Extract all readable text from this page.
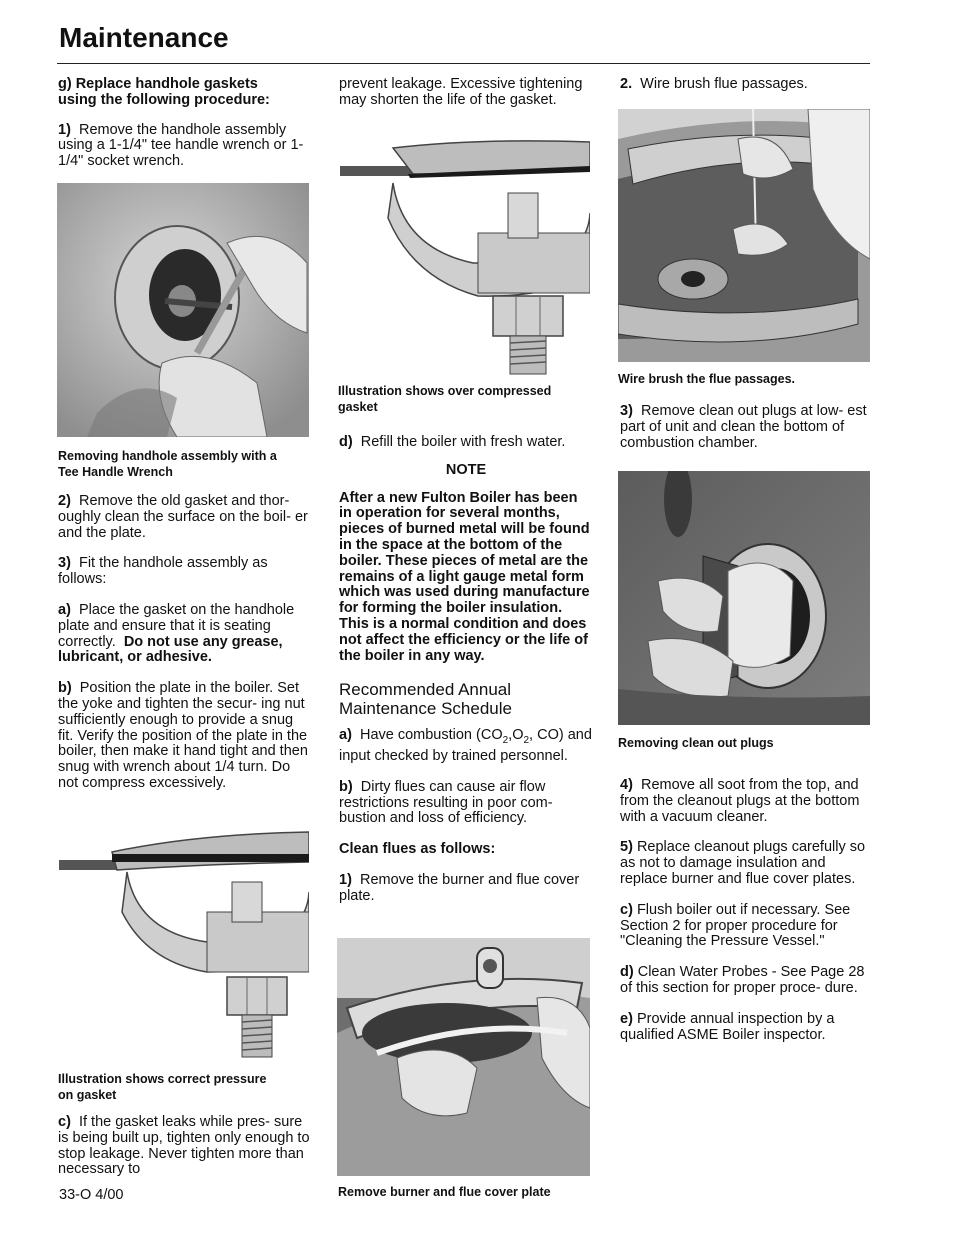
Maintenance

g) Replace handhole gaskets
using the following procedure:

1) Remove the handhole assembly using a 1-1/4" tee handle wrench or 1-1/4" socket wrench.

Removing handhole assembly with a
Tee Handle Wrench

2) Remove the old gasket and thor- oughly clean the surface on the boil- er and the plate.

3) Fit the handhole assembly as follows:

a) Place the gasket on the handhole plate and ensure that it is seating correctly. Do not use any grease, lubricant, or adhesive.

b) Position the plate in the boiler. Set the yoke and tighten the secur- ing nut sufficiently enough to provide a snug fit. Verify the position of the plate in the boiler, then make it hand tight and then snug with wrench about 1/4 turn. Do not compress excessively.

Illustration shows correct pressure
on gasket

c) If the gasket leaks while pres- sure is being built up, tighten only enough to stop leakage. Never tighten more than necessary to

33-O 4/00

prevent leakage. Excessive tightening may shorten the life of the gasket.

Illustration shows over compressed
gasket

d) Refill the boiler with fresh water.

NOTE

After a new Fulton Boiler has been in operation for several months, pieces of burned metal will be found in the space at the bottom of the boiler. These pieces of metal are the remains of a light gauge metal form which was used during manufacture for forming the boiler insulation. This is a normal condition and does not affect the efficiency or the life of the boiler in any way.

Recommended Annual
Maintenance Schedule

a) Have combustion ($CO_2,O_2$, CO) and input checked by trained personnel.

b) Dirty flues can cause air flow restrictions resulting in poor com- bustion and loss of efficiency.

Clean flues as follows:

1) Remove the burner and flue cover plate.

Remove burner and flue cover plate

2. Wire brush flue passages.

Wire brush the flue passages.

3) Remove clean out plugs at low- est part of unit and clean the bottom of combustion chamber.

Removing clean out plugs

4) Remove all soot from the top, and from the cleanout plugs at the bottom with a vacuum cleaner.

5) Replace cleanout plugs carefully so as not to damage insulation and replace burner and flue cover plates.

c) Flush boiler out if necessary. See Section 2 for proper procedure for "Cleaning the Pressure Vessel."

d) Clean Water Probes - See Page 28 of this section for proper proce- dure.

e) Provide annual inspection by a qualified ASME Boiler inspector.
